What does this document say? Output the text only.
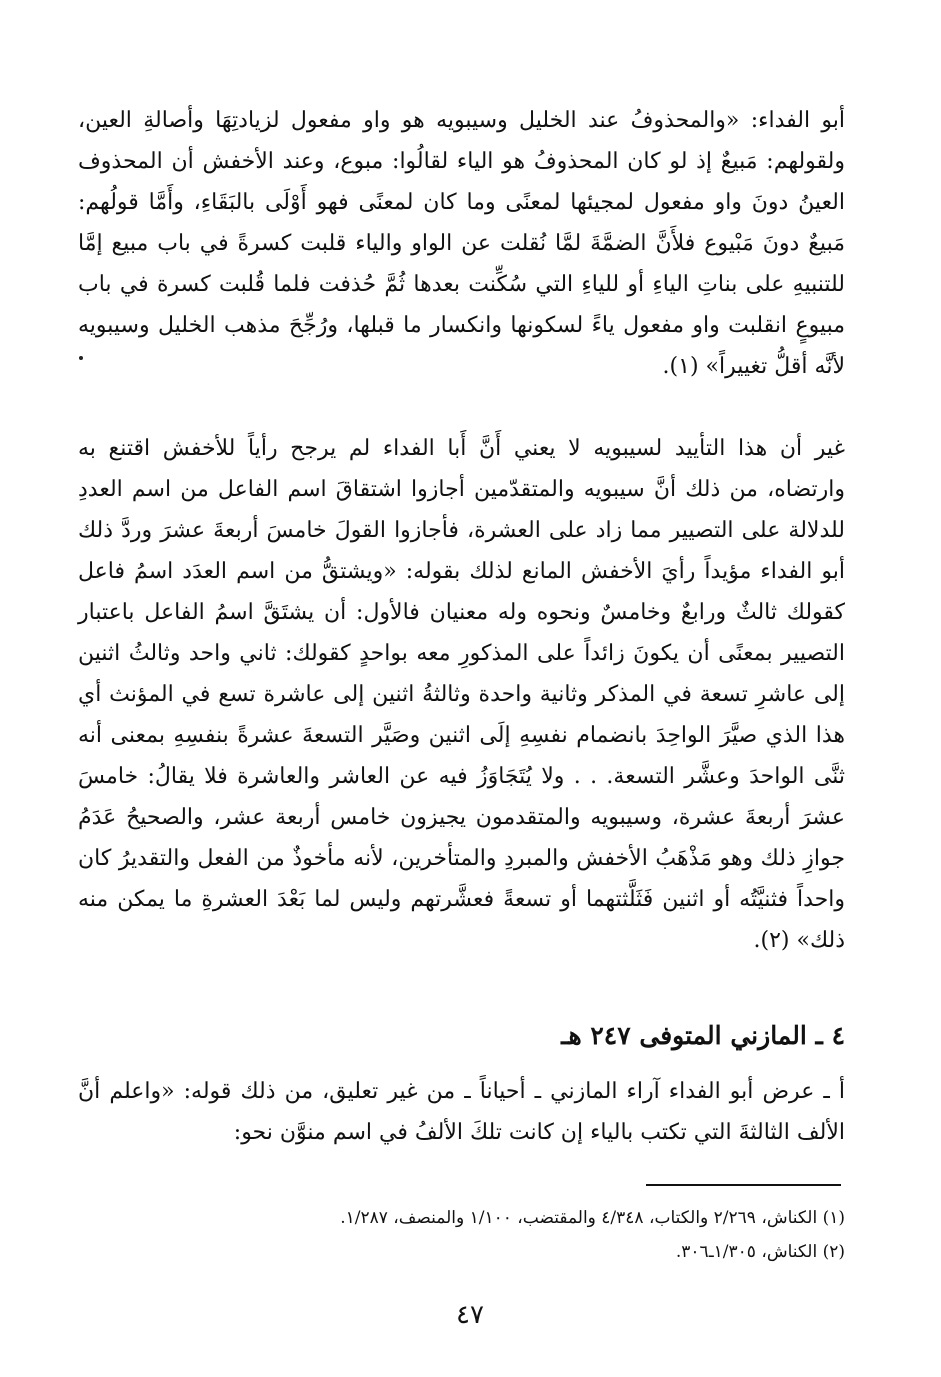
أبو الفداء: «والمحذوفُ عند الخليل وسيبويه هو واو مفعول لزيادتِهَا وأصالةِ العين، ولقولهم: مَبيعٌ إذ لو كان المحذوفُ هو الياء لقالُوا: مبوع، وعند الأخفش أن المحذوف العينُ دونَ واو مفعول لمجيئها لمعنًى وما كان لمعنًى فهو أَوْلَى بالبَقَاءِ، وأَمَّا قولُهم: مَبيعٌ دونَ مَبْيوع فلأَنَّ الضمَّةَ لمَّا نُقلت عن الواو والياء قلبت كسرةً في باب مبيع إمَّا للتنبيهِ على بناتِ الياءِ أو للياءِ التي سُكِّنت بعدها ثُمَّ حُذفت فلما قُلبت كسرة في باب مبيوعٍ انقلبت واو مفعول ياءً لسكونها وانكسار ما قبلها، ورُجِّحَ مذهب الخليل وسيبويه لأنَّه أقلُّ تغييراً» (١).

غير أن هذا التأييد لسيبويه لا يعني أَنَّ أَبا الفداء لم يرجح رأياً للأخفش اقتنع به وارتضاه، من ذلك أنَّ سيبويه والمتقدّمين أجازوا اشتقاقَ اسم الفاعل من اسم العددِ للدلالة على التصيير مما زاد على العشرة، فأجازوا القولَ خامسَ أربعةَ عشرَ وردَّ ذلك أبو الفداء مؤيداً رأيَ الأخفش المانع لذلك بقوله: «ويشتقُّ من اسم العدَد اسمُ فاعل كقولك ثالثٌ ورابعٌ وخامسٌ ونحوه وله معنيان فالأول: أن يشتَقَّ اسمُ الفاعل باعتبار التصيير بمعنًى أن يكونَ زائداً على المذكورِ معه بواحدٍ كقولك: ثاني واحد وثالثُ اثنين إلى عاشرِ تسعة في المذكر وثانية واحدة وثالثةُ اثنين إلى عاشرة تسع في المؤنث أي هذا الذي صيَّرَ الواحِدَ بانضمام نفسِهِ إلَى اثنين وصَيَّر التسعةَ عشرةً بنفسِهِ بمعنى أنه ثنَّى الواحدَ وعشَّر التسعة. . . ولا يُتَجَاوَزُ فيه عن العاشر والعاشرة فلا يقالُ: خامسَ عشرَ أربعةَ عشرة، وسيبويه والمتقدمون يجيزون خامس أربعة عشر، والصحيحُ عَدَمُ جوازِ ذلك وهو مَذْهَبُ الأخفش والمبردِ والمتأخرين، لأنه مأخوذٌ من الفعل والتقديرُ كان واحداً فثنيَّتُه أو اثنين فَثَلَّثتهما أو تسعةً فعشَّرتهم وليس لما بَعْدَ العشرةِ ما يمكن منه ذلك» (٢).

٤ ـ المازني المتوفى ٢٤٧ هـ

أ ـ عرض أبو الفداء آراء المازني ـ أحياناً ـ من غير تعليق، من ذلك قوله: «واعلم أنَّ الألف الثالثةَ التي تكتب بالياء إن كانت تلكَ الألفُ في اسم منوَّن نحو:

(١) الكناش، ٢/٢٦٩ والكتاب، ٤/٣٤٨ والمقتضب، ١/١٠٠ والمنصف، ١/٢٨٧.

(٢) الكناش، ١/٣٠٥ـ٣٠٦.

٤٧
